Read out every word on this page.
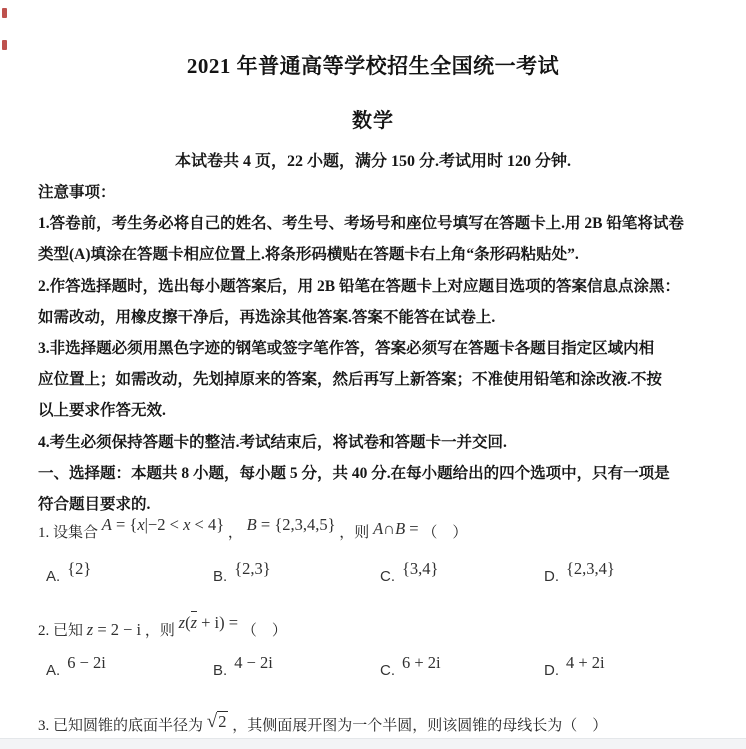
2021 年普通高等学校招生全国统一考试
数学
本试卷共 4 页，22 小题，满分 150 分.考试用时 120 分钟.
注意事项：
1.答卷前，考生务必将自己的姓名、考生号、考场号和座位号填写在答题卡上.用 2B 铅笔将试卷
类型(A)填涂在答题卡相应位置上.将条形码横贴在答题卡右上角“条形码粘贴处”.
2.作答选择题时，选出每小题答案后，用 2B 铅笔在答题卡上对应题目选项的答案信息点涂黑：
如需改动，用橡皮擦干净后，再选涂其他答案.答案不能答在试卷上.
3.非选择题必须用黑色字迹的钢笔或签字笔作答，答案必须写在答题卡各题目指定区域内相
应位置上；如需改动，先划掉原来的答案，然后再写上新答案；不准使用铅笔和涂改液.不按
以上要求作答无效.
4.考生必须保持答题卡的整洁.考试结束后，将试卷和答题卡一并交回.
一、选择题：本题共 8 小题，每小题 5 分，共 40 分.在每小题给出的四个选项中，只有一项是
符合题目要求的.
1. 设集合 A = {x|−2 < x < 4} ， B = {2,3,4,5} ，则 A∩B = （　）
A. {2}	B. {2,3}	C. {3,4}	D. {2,3,4}
2. 已知 z = 2 − i ，则 z(z + i) = （　）
A. 6 − 2i	B. 4 − 2i	C. 6 + 2i	D. 4 + 2i
3. 已知圆锥的底面半径为 √2 ，其侧面展开图为一个半圆，则该圆锥的母线长为（　）
